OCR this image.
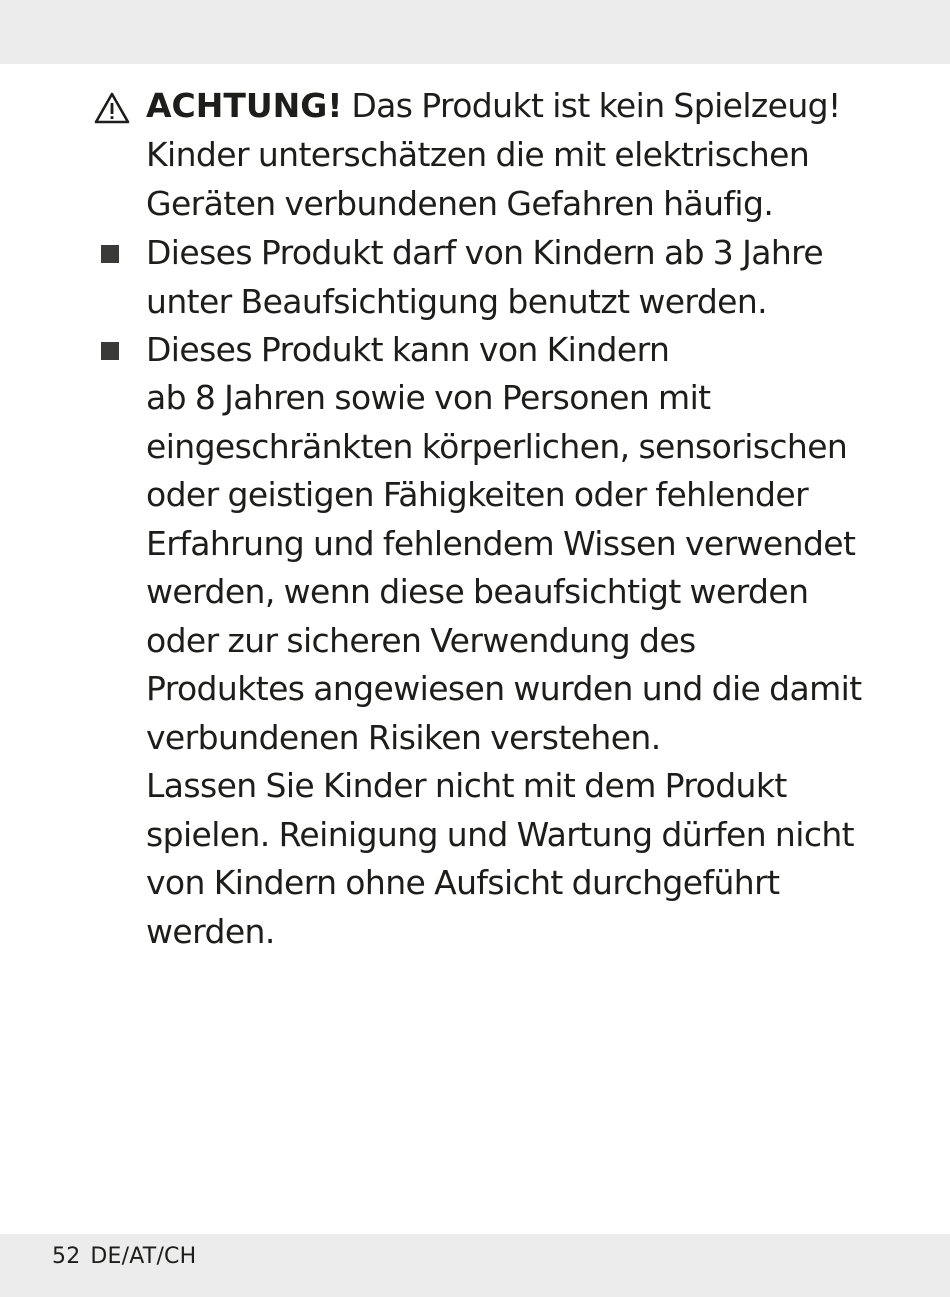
ACHTUNG! Das Produkt ist kein Spielzeug!
Kinder unterschätzen die mit elektrischen
Geräten verbundenen Gefahren häufig.
Dieses Produkt darf von Kindern ab 3 Jahre
unter Beaufsichtigung benutzt werden.
Dieses Produkt kann von Kindern
ab 8 Jahren sowie von Personen mit
eingeschränkten körperlichen, sensorischen
oder geistigen Fähigkeiten oder fehlender
Erfahrung und fehlendem Wissen verwendet
werden, wenn diese beaufsichtigt werden
oder zur sicheren Verwendung des
Produktes angewiesen wurden und die damit
verbundenen Risiken verstehen.
Lassen Sie Kinder nicht mit dem Produkt
spielen. Reinigung und Wartung dürfen nicht
von Kindern ohne Aufsicht durchgeführt
werden.
52 DE/AT/CH
